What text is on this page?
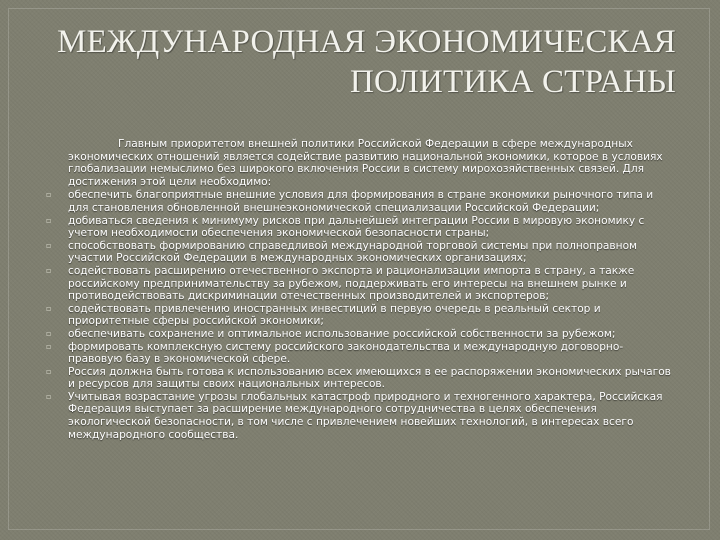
МЕЖДУНАРОДНАЯ ЭКОНОМИЧЕСКАЯ
ПОЛИТИКА СТРАНЫ

Главным приоритетом внешней политики Российской Федерации в сфере международных экономических отношений является содействие развитию национальной экономики, которое в условиях глобализации немыслимо без широкого включения России в систему мирохозяйственных связей. Для достижения этой цели необходимо:

▫ обеспечить благоприятные внешние условия для формирования в стране экономики рыночного типа и для становления обновленной внешнеэкономической специализации Российской Федерации;
▫ добиваться сведения к минимуму рисков при дальнейшей интеграции России в мировую экономику с учетом необходимости обеспечения экономической безопасности страны;
▫ способствовать формированию справедливой международной торговой системы при полноправном участии Российской Федерации в международных экономических организациях;
▫ содействовать расширению отечественного экспорта и рационализации импорта в страну, а также российскому предпринимательству за рубежом, поддерживать его интересы на внешнем рынке и противодействовать дискриминации отечественных производителей и экспортеров;
▫ содействовать привлечению иностранных инвестиций в первую очередь в реальный сектор и приоритетные сферы российской экономики;
▫ обеспечивать сохранение и оптимальное использование российской собственности за рубежом;
▫ формировать комплексную систему российского законодательства и международную договорно-правовую базу в экономической сфере.
▫ Россия должна быть готова к использованию всех имеющихся в ее распоряжении экономических рычагов и ресурсов для защиты своих национальных интересов.
▫ Учитывая возрастание угрозы глобальных катастроф природного и техногенного характера, Российская Федерация выступает за расширение международного сотрудничества в целях обеспечения экологической безопасности, в том числе с привлечением новейших технологий, в интересах всего международного сообщества.
